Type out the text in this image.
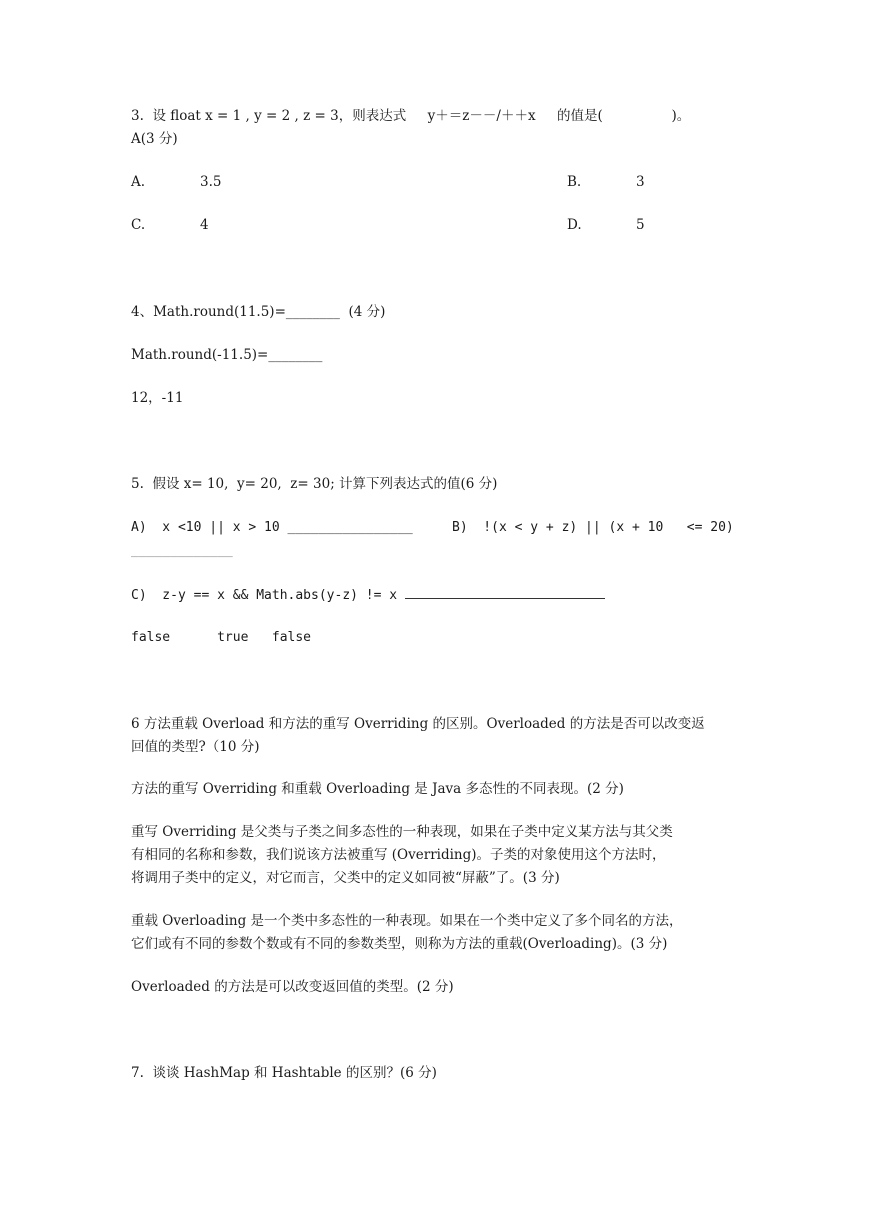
3.  设 float x = 1 , y = 2 , z = 3，则表达式     y＋＝z－－/＋＋x     的值是(                )。
A(3 分)
A.	3.5	B.	3
C.	4	D.	5
4、Math.round(11.5)=________  (4 分)
Math.round(-11.5)=________
12，-11
5.  假设 x= 10,  y= 20,  z= 30; 计算下列表达式的值(6 分)
A)  x <10 || x > 10 ________________	B)  !(x < y + z) || (x + 10   <= 20)
_____________
C)  z-y == x && Math.abs(y-z) != x
false      true   false
6 方法重载 Overload 和方法的重写 Overriding 的区别。Overloaded 的方法是否可以改变返
回值的类型?（10 分)
方法的重写 Overriding 和重载 Overloading 是 Java 多态性的不同表现。(2 分)
重写 Overriding 是父类与子类之间多态性的一种表现，如果在子类中定义某方法与其父类
有相同的名称和参数，我们说该方法被重写 (Overriding)。子类的对象使用这个方法时，
将调用子类中的定义，对它而言，父类中的定义如同被“屏蔽”了。(3 分)
重载 Overloading 是一个类中多态性的一种表现。如果在一个类中定义了多个同名的方法，
它们或有不同的参数个数或有不同的参数类型，则称为方法的重载(Overloading)。(3 分)
Overloaded 的方法是可以改变返回值的类型。(2 分)
7.  谈谈 HashMap 和 Hashtable 的区别？(6 分)
